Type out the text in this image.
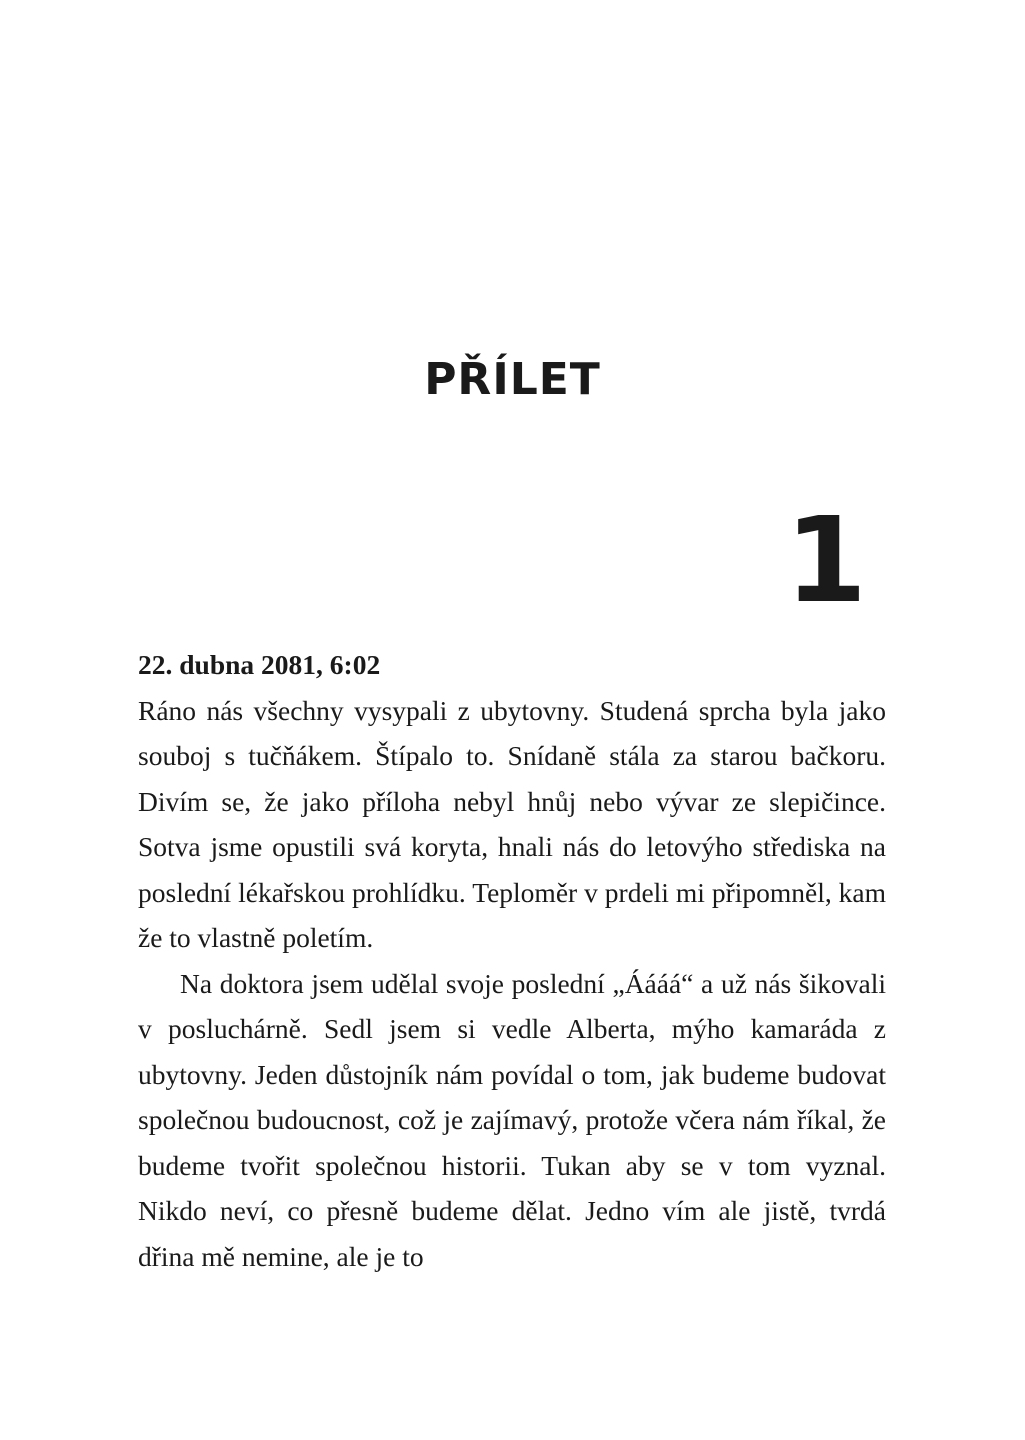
PŘÍLET
1

22. dubna 2081, 6:02

Ráno nás všechny vysypali z ubytovny. Studená sprcha byla jako souboj s tučňákem. Štípalo to. Snídaně stála za starou bačkoru. Divím se, že jako příloha nebyl hnůj nebo vývar ze slepičince. Sotva jsme opustili svá koryta, hnali nás do letovýho střediska na poslední lékařskou prohlídku. Teploměr v prdeli mi připomněl, kam že to vlastně poletím.

Na doktora jsem udělal svoje poslední „Áááá“ a už nás šikovali v posluchárně. Sedl jsem si vedle Alberta, mýho kamaráda z ubytovny. Jeden důstojník nám povídal o tom, jak budeme budovat společnou budoucnost, což je zajímavý, protože včera nám říkal, že budeme tvořit společnou historii. Tukan aby se v tom vyznal. Nikdo neví, co přesně budeme dělat. Jedno vím ale jistě, tvrdá dřina mě nemine, ale je to
